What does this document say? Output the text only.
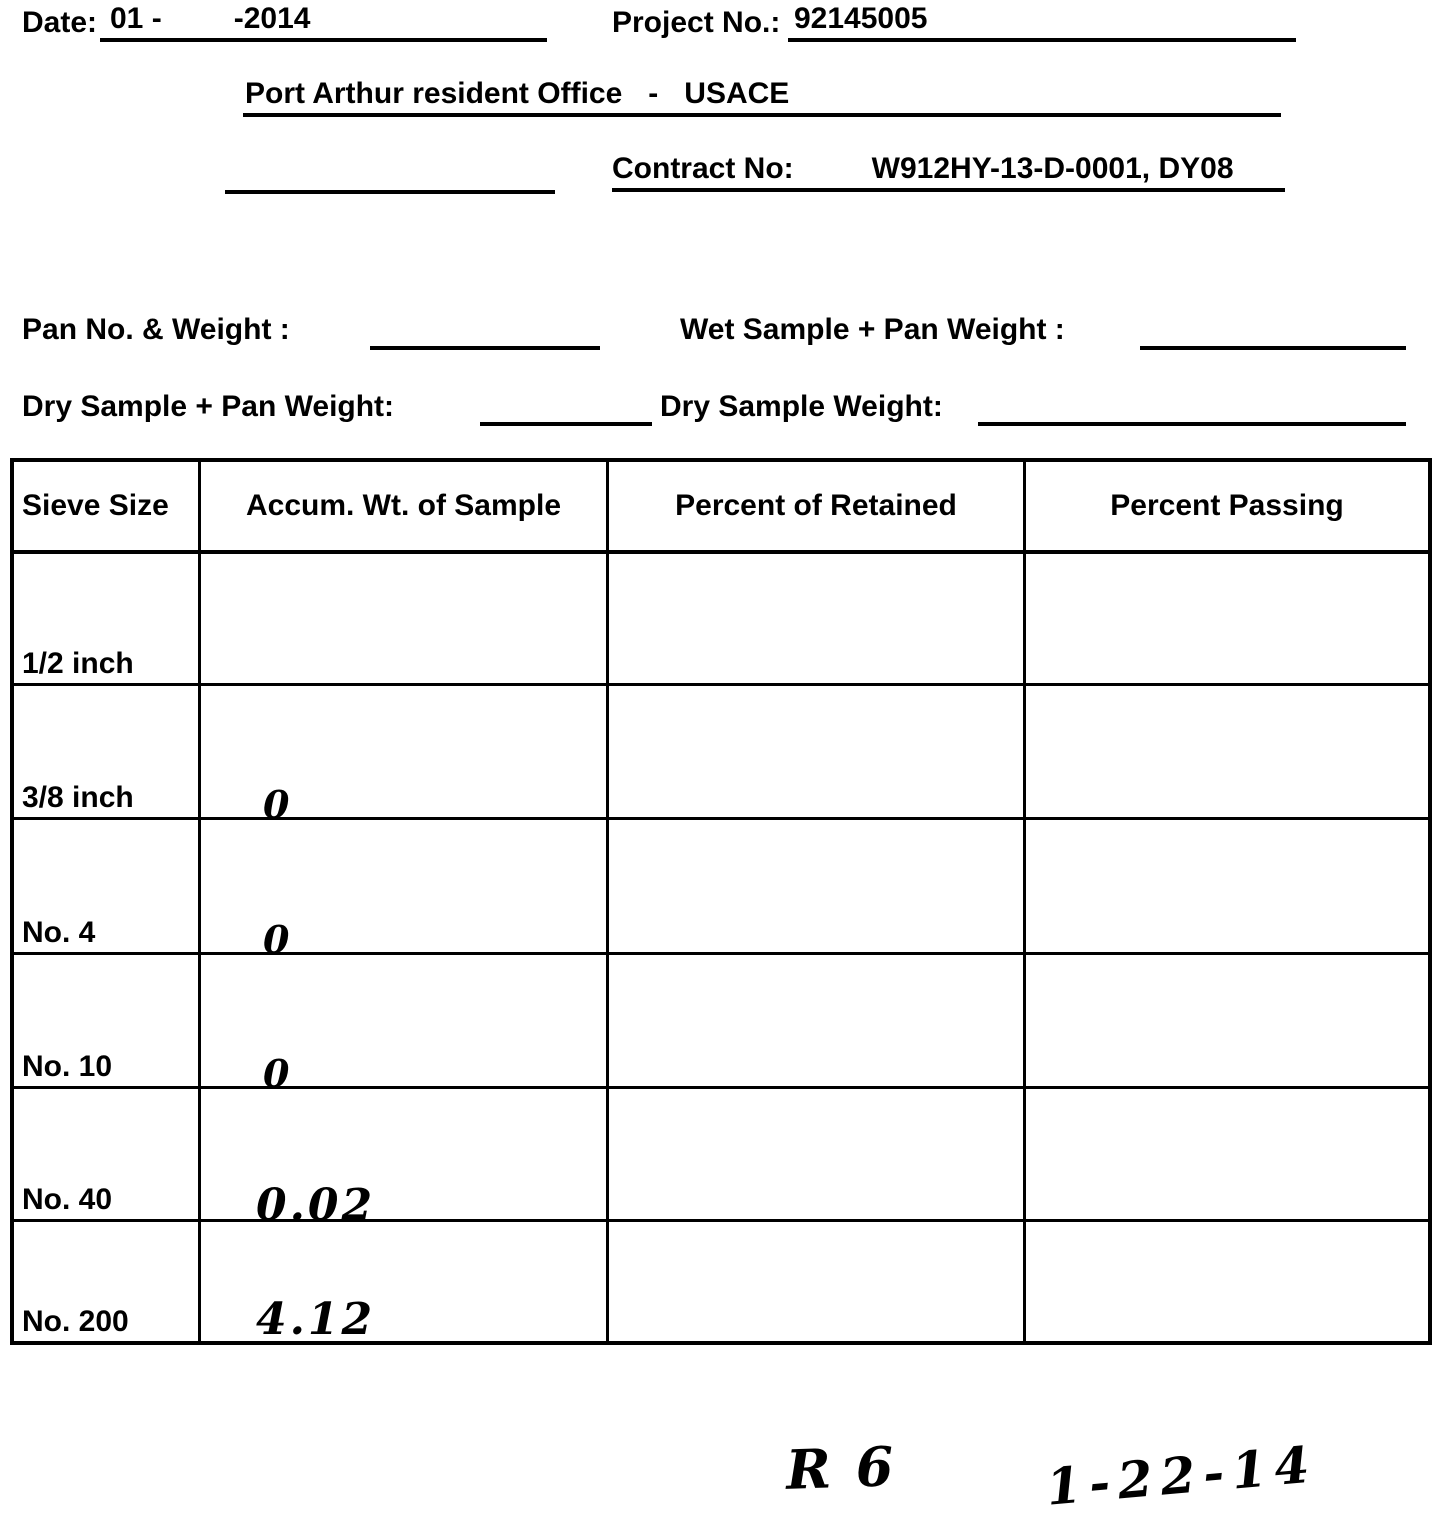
Date: 01 - -2014	Project No.: 92145005
Port Arthur resident Office - USACE
Contract No:	W912HY-13-D-0001, DY08
Pan No. & Weight :	Wet Sample + Pan Weight :
Dry Sample + Pan Weight:	Dry Sample Weight:
Sieve Size	Accum. Wt. of Sample	Percent of Retained	Percent Passing
1/2 inch
3/8 inch	0
No. 4	0
No. 10	0
No. 40	0.02
No. 200	4.12
R 6	1-22-14
